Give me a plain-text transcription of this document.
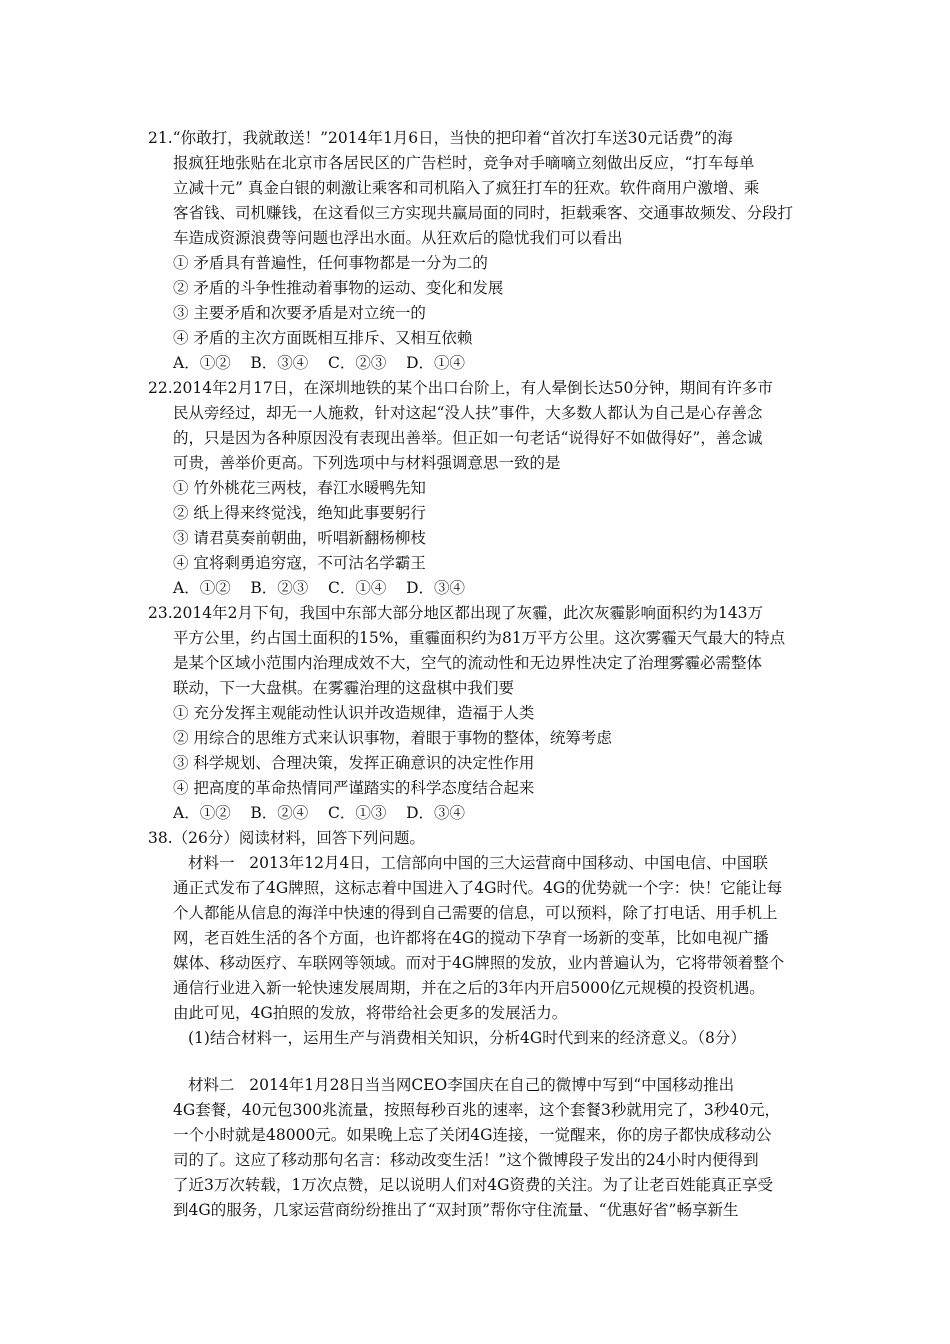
21.“你敢打，我就敢送！”2014年1月6日，当快的把印着“首次打车送30元话费”的海
报疯狂地张贴在北京市各居民区的广告栏时，竞争对手嘀嘀立刻做出反应，“打车每单
立减十元” 真金白银的刺激让乘客和司机陷入了疯狂打车的狂欢。软件商用户激增、乘
客省钱、司机赚钱，在这看似三方实现共赢局面的同时，拒载乘客、交通事故频发、分段打
车造成资源浪费等问题也浮出水面。从狂欢后的隐忧我们可以看出
① 矛盾具有普遍性，任何事物都是一分为二的
② 矛盾的斗争性推动着事物的运动、变化和发展
③ 主要矛盾和次要矛盾是对立统一的
④ 矛盾的主次方面既相互排斥、又相互依赖
A．①②    B．③④    C．②③    D．①④
22.2014年2月17日，在深圳地铁的某个出口台阶上，有人晕倒长达50分钟，期间有许多市
民从旁经过，却无一人施救，针对这起“没人扶”事件，大多数人都认为自己是心存善念
的，只是因为各种原因没有表现出善举。但正如一句老话“说得好不如做得好”，善念诚
可贵，善举价更高。下列选项中与材料强调意思一致的是
① 竹外桃花三两枝，春江水暖鸭先知
② 纸上得来终觉浅，绝知此事要躬行
③ 请君莫奏前朝曲，听唱新翻杨柳枝
④ 宜将剩勇追穷寇，不可沽名学霸王
A．①②    B．②③    C．①④    D．③④
23.2014年2月下旬，我国中东部大部分地区都出现了灰霾，此次灰霾影响面积约为143万
平方公里，约占国土面积的15%，重霾面积约为81万平方公里。这次雾霾天气最大的特点
是某个区域小范围内治理成效不大，空气的流动性和无边界性决定了治理雾霾必需整体
联动，下一大盘棋。在雾霾治理的这盘棋中我们要
① 充分发挥主观能动性认识并改造规律，造福于人类
② 用综合的思维方式来认识事物，着眼于事物的整体，统筹考虑
③ 科学规划、合理决策，发挥正确意识的决定性作用
④ 把高度的革命热情同严谨踏实的科学态度结合起来
A．①②    B．②④    C．①③    D．③④
38.（26分）阅读材料，回答下列问题。
材料一   2013年12月4日，工信部向中国的三大运营商中国移动、中国电信、中国联
通正式发布了4G牌照，这标志着中国进入了4G时代。4G的优势就一个字：快！它能让每
个人都能从信息的海洋中快速的得到自己需要的信息，可以预料，除了打电话、用手机上
网，老百姓生活的各个方面，也许都将在4G的搅动下孕育一场新的变革，比如电视广播
媒体、移动医疗、车联网等领域。而对于4G牌照的发放，业内普遍认为，它将带领着整个
通信行业进入新一轮快速发展周期，并在之后的3年内开启5000亿元规模的投资机遇。
由此可见，4G拍照的发放，将带给社会更多的发展活力。
(1)结合材料一，运用生产与消费相关知识，分析4G时代到来的经济意义。（8分）
材料二   2014年1月28日当当网CEO李国庆在自己的微博中写到“中国移动推出
4G套餐，40元包300兆流量，按照每秒百兆的速率，这个套餐3秒就用完了，3秒40元，
一个小时就是48000元。如果晚上忘了关闭4G连接，一觉醒来，你的房子都快成移动公
司的了。这应了移动那句名言：移动改变生活！”这个微博段子发出的24小时内便得到
了近3万次转载，1万次点赞，足以说明人们对4G资费的关注。为了让老百姓能真正享受
到4G的服务，几家运营商纷纷推出了“双封顶”帮你守住流量、“优惠好省”畅享新生
